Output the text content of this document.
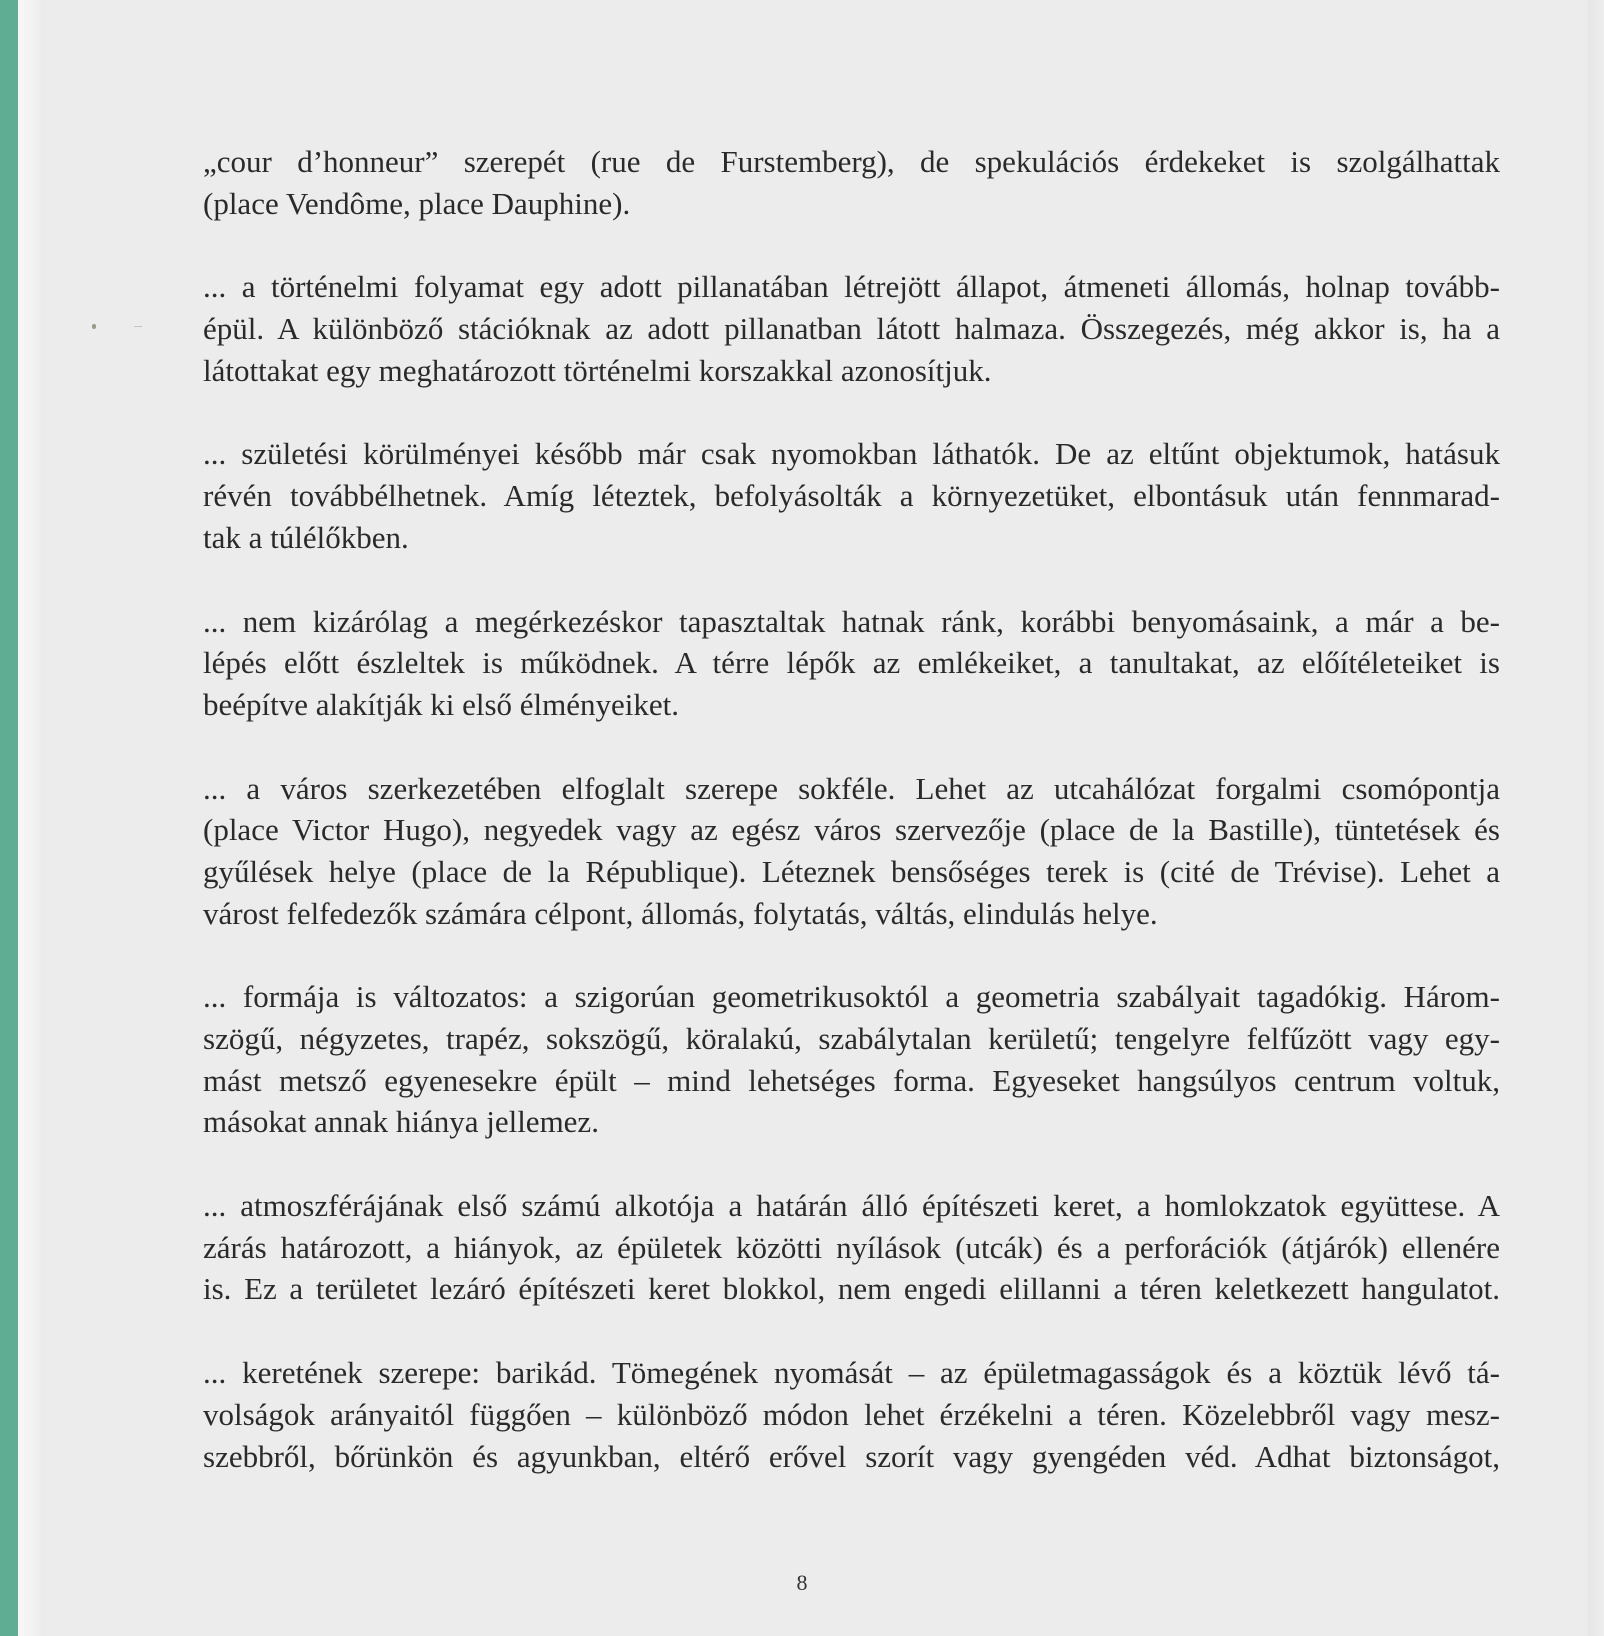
„cour d’honneur” szerepét (rue de Furstemberg), de spekulációs érdekeket is szolgálhattak
(place Vendôme, place Dauphine).

... a történelmi folyamat egy adott pillanatában létrejött állapot, átmeneti állomás, holnap tovább-
épül. A különböző stációknak az adott pillanatban látott halmaza. Összegezés, még akkor is, ha a
látottakat egy meghatározott történelmi korszakkal azonosítjuk.

... születési körülményei később már csak nyomokban láthatók. De az eltűnt objektumok, hatásuk
révén továbbélhetnek. Amíg léteztek, befolyásolták a környezetüket, elbontásuk után fennmarad-
tak a túlélőkben.

... nem kizárólag a megérkezéskor tapasztaltak hatnak ránk, korábbi benyomásaink, a már a be-
lépés előtt észleltek is működnek. A térre lépők az emlékeiket, a tanultakat, az előítéleteiket is
beépítve alakítják ki első élményeiket.

... a város szerkezetében elfoglalt szerepe sokféle. Lehet az utcahálózat forgalmi csomópontja
(place Victor Hugo), negyedek vagy az egész város szervezője (place de la Bastille), tüntetések és
gyűlések helye (place de la République). Léteznek bensőséges terek is (cité de Trévise). Lehet a
várost felfedezők számára célpont, állomás, folytatás, váltás, elindulás helye.

... formája is változatos: a szigorúan geometrikusoktól a geometria szabályait tagadókig. Három-
szögű, négyzetes, trapéz, sokszögű, köralakú, szabálytalan kerületű; tengelyre felfűzött vagy egy-
mást metsző egyenesekre épült – mind lehetséges forma. Egyeseket hangsúlyos centrum voltuk,
másokat annak hiánya jellemez.

... atmoszférájának első számú alkotója a határán álló építészeti keret, a homlokzatok együttese. A
zárás határozott, a hiányok, az épületek közötti nyílások (utcák) és a perforációk (átjárók) ellenére
is. Ez a területet lezáró építészeti keret blokkol, nem engedi elillanni a téren keletkezett hangulatot.

... keretének szerepe: barikád. Tömegének nyomását – az épületmagasságok és a köztük lévő tá-
volságok arányaitól függően – különböző módon lehet érzékelni a téren. Közelebbről vagy mesz-
szebbről, bőrünkön és agyunkban, eltérő erővel szorít vagy gyengéden véd. Adhat biztonságot,

8
